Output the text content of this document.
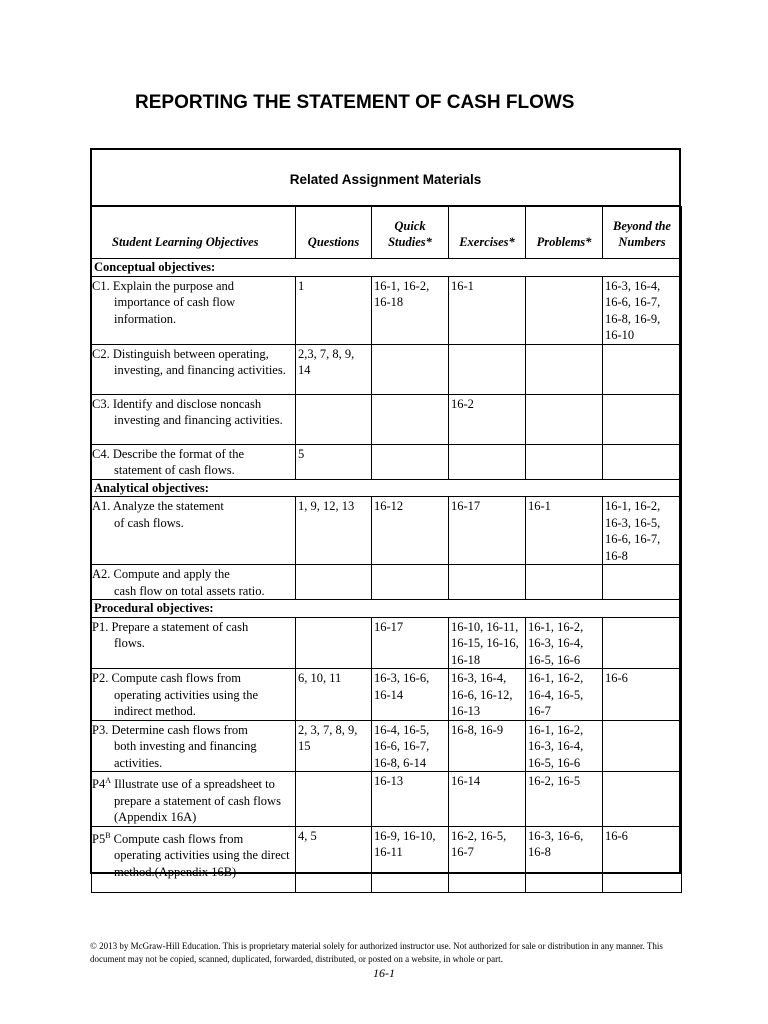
REPORTING THE STATEMENT OF CASH FLOWS
Related Assignment Materials
Student Learning Objectives	Questions	Quick Studies*	Exercises*	Problems*	Beyond the Numbers
Conceptual objectives:					

C1. Explain the purpose and
importance of cash flow information.	1	16-1, 16-2, 16-18	16-1		16-3, 16-4, 16-6, 16-7, 16-8, 16-9, 16-10

C2. Distinguish between operating,
investing, and financing activities.	2,3, 7, 8, 9, 14				

C3. Identify and disclose noncash
investing and financing activities.			16-2		

C4. Describe the format of the
statement of cash flows.	5				
Analytical objectives:					

A1. Analyze the statement
of cash flows.	1, 9, 12, 13	16-12	16-17	16-1	16-1, 16-2, 16-3, 16-5, 16-6, 16-7, 16-8

A2. Compute and apply the
cash flow on total assets ratio.					

Procedural objectives:					

P1. Prepare a statement of cash
flows.		16-17	16-10, 16-11, 16-15, 16-16, 16-18	16-1, 16-2, 16-3, 16-4, 16-5, 16-6	

P2. Compute cash flows from
operating activities using the indirect method.	6, 10, 11	16-3, 16-6, 16-14	16-3, 16-4, 16-6, 16-12, 16-13	16-1, 16-2, 16-4, 16-5, 16-7	16-6

P3. Determine cash flows from
both investing and financing activities.	2, 3, 7, 8, 9, 15	16-4, 16-5, 16-6, 16-7, 16-8, 6-14	16-8, 16-9	16-1, 16-2, 16-3, 16-4, 16-5, 16-6	

$P4^A$ Illustrate use of a spreadsheet to
prepare a statement of cash flows (Appendix 16A)		16-13	16-14	16-2, 16-5	

$P5^B$ Compute cash flows from
operating activities using the direct method.(Appendix 16B)	4, 5	16-9, 16-10, 16-11	16-2, 16-5, 16-7	16-3, 16-6, 16-8	16-6
© 2013 by McGraw-Hill Education. This is proprietary material solely for authorized instructor use. Not authorized for sale or distribution in any manner. This document may not be copied, scanned, duplicated, forwarded, distributed, or posted on a website, in whole or part.
16-1
